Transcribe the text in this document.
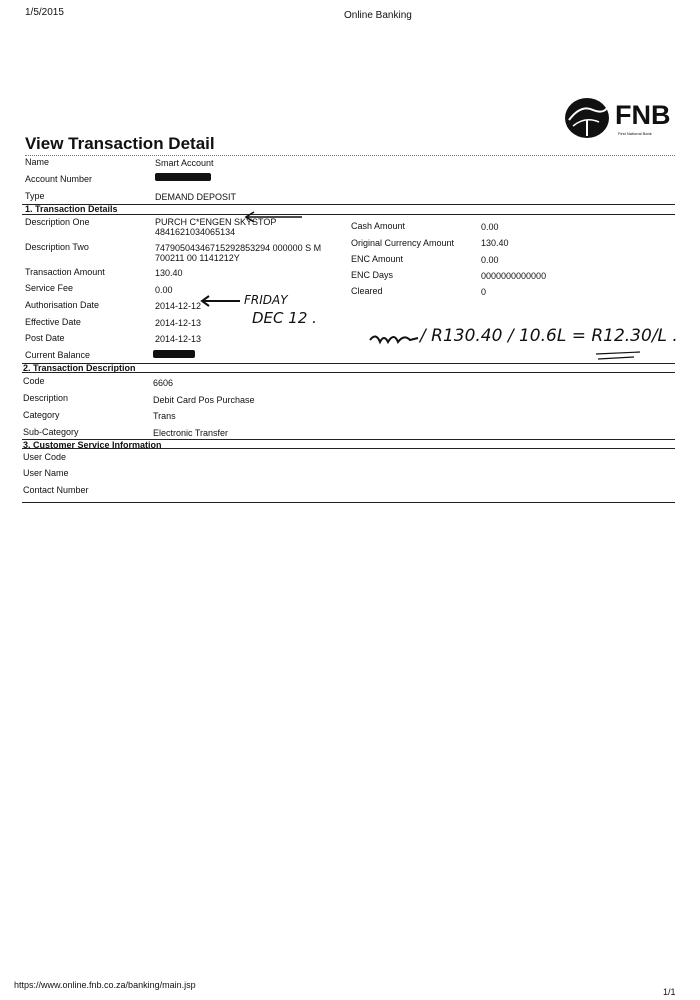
1/5/2015	Online Banking
FNB
First National Bank
View Transaction Detail
Name	Smart Account
Account Number
Type	DEMAND DEPOSIT
1. Transaction Details
Description One	PURCH C*ENGEN SKYSTOP
4841621034065134
Description Two	74790504346715292853294 000000 S M
700211 00 1141212Y
Transaction Amount	130.40
Service Fee	0.00
Authorisation Date	2014-12-12
Effective Date	2014-12-13
Post Date	2014-12-13
Current Balance
Cash Amount	0.00
Original Currency Amount	130.40
ENC Amount	0.00
ENC Days	0000000000000
Cleared	0
FRIDAY
DEC 12 .
/ R130.40 / 10.6L = R12.30/L .
2. Transaction Description
Code	6606
Description	Debit Card Pos Purchase
Category	Trans
Sub-Category	Electronic Transfer
3. Customer Service Information
User Code
User Name
Contact Number
https://www.online.fnb.co.za/banking/main.jsp
1/1
